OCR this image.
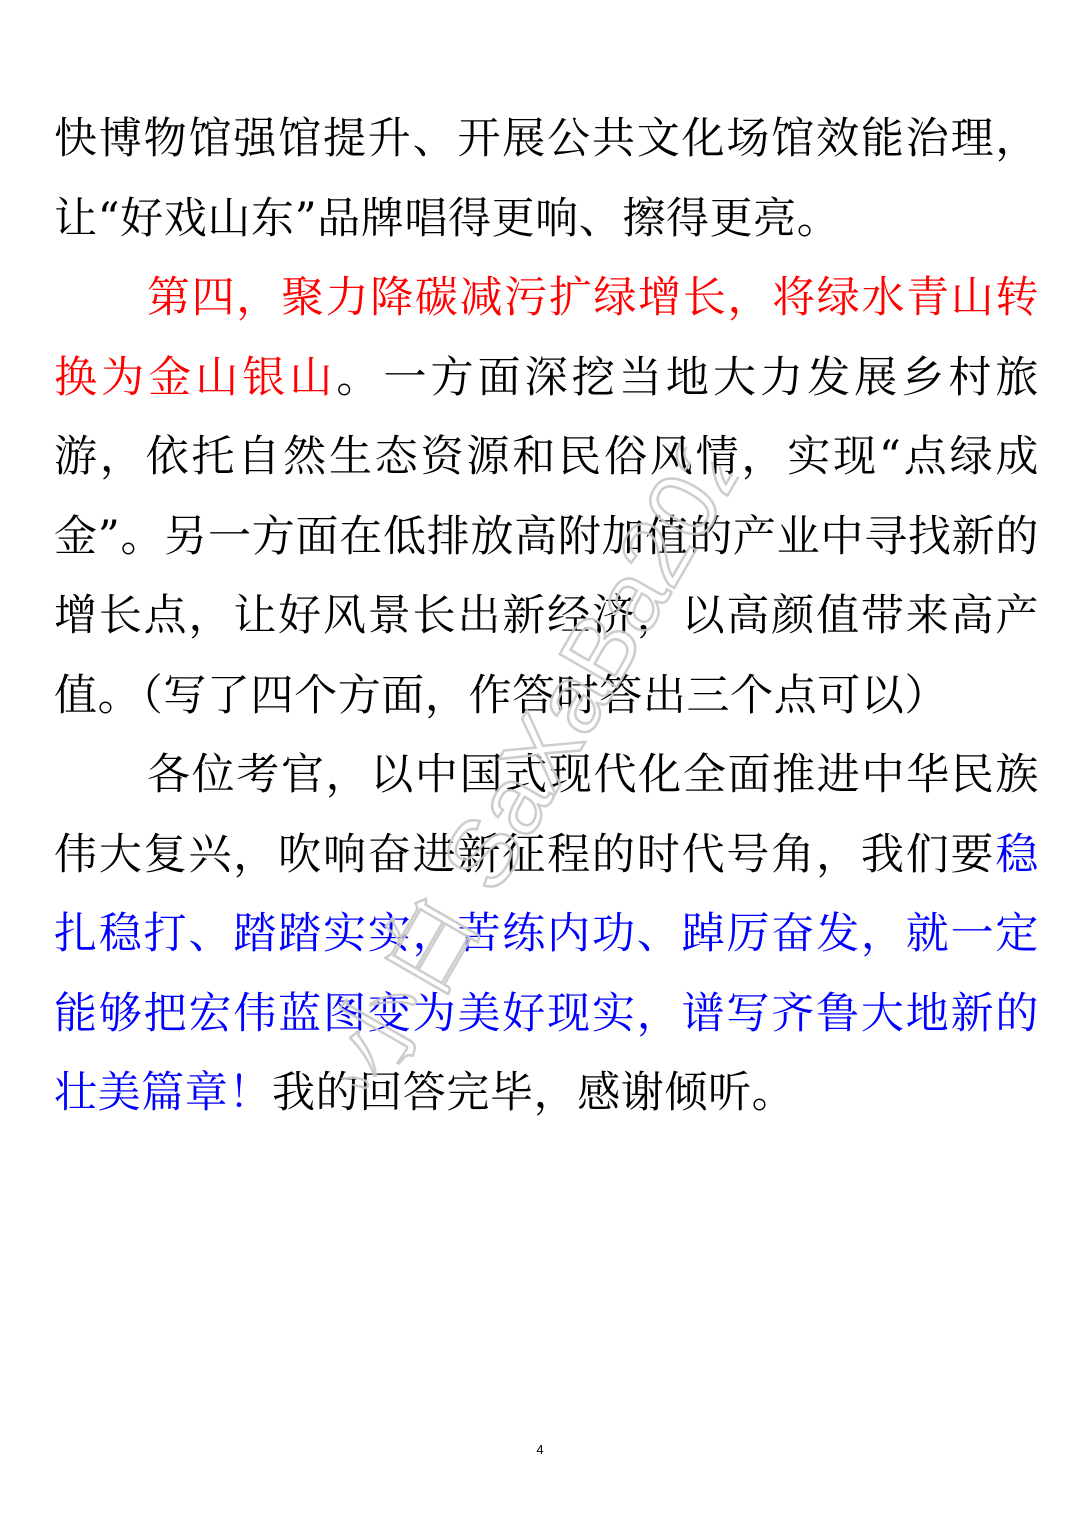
快博物馆强馆提升、开展公共文化场馆效能治理，让“好戏山东”品牌唱得更响、擦得更亮。

第四，聚力降碳减污扩绿增长，将绿水青山转换为金山银山。一方面深挖当地大力发展乡村旅游，依托自然生态资源和民俗风情，实现“点绿成金”。另一方面在低排放高附加值的产业中寻找新的增长点，让好风景长出新经济，以高颜值带来高产值。（写了四个方面，作答时答出三个点可以）

各位考官，以中国式现代化全面推进中华民族伟大复兴，吹响奋进新征程的时代号角，我们要稳扎稳打、踏踏实实，苦练内功、踔厉奋发，就一定能够把宏伟蓝图变为美好现实，谱写齐鲁大地新的壮美篇章！我的回答完毕，感谢倾听。

小小白 SaXaBa2022
4
